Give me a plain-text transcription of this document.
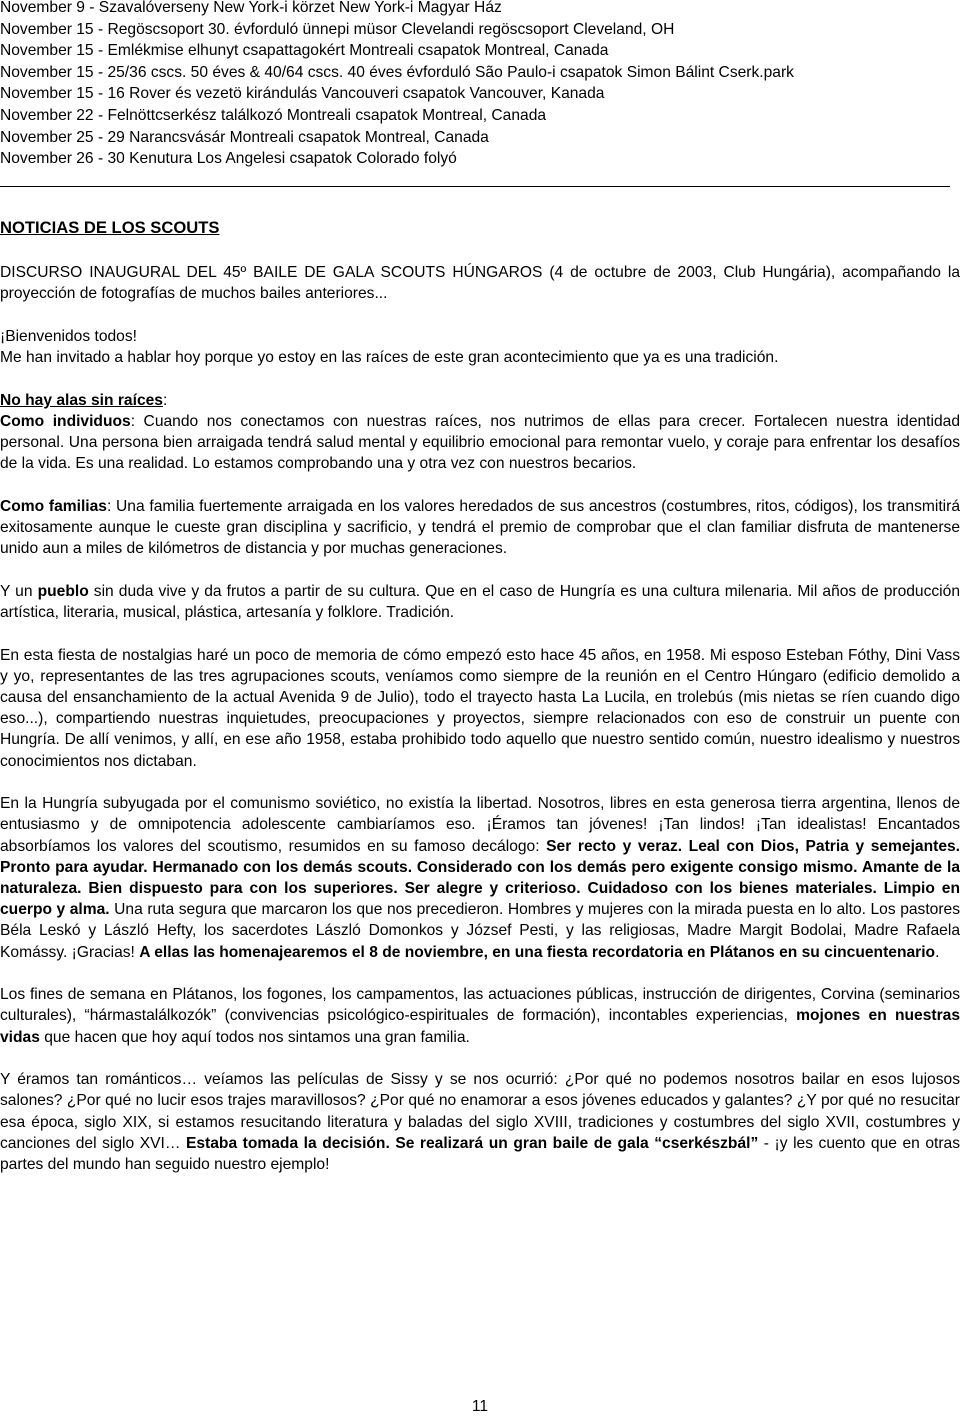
November 9 - Szavalóverseny New York-i körzet New York-i Magyar Ház
November 15 - Regöscsoport 30. évforduló ünnepi müsor Clevelandi regöscsoport Cleveland, OH
November 15 - Emlékmise elhunyt csapattagokért Montreali csapatok Montreal, Canada
November 15 - 25/36 cscs. 50 éves & 40/64 cscs. 40 éves évforduló São Paulo-i csapatok Simon Bálint Cserk.park
November 15 - 16 Rover és vezetö kirándulás Vancouveri csapatok Vancouver, Kanada
November 22 - Felnöttcserkész találkozó Montreali csapatok Montreal, Canada
November 25 - 29 Narancsvásár Montreali csapatok Montreal, Canada
November 26 - 30 Kenutura Los Angelesi csapatok Colorado folyó
NOTICIAS DE LOS SCOUTS

DISCURSO INAUGURAL DEL 45º BAILE DE GALA SCOUTS HÚNGAROS (4 de octubre de 2003, Club Hungária), acompañando la proyección de fotografías de muchos bailes anteriores...

¡Bienvenidos todos!
Me han invitado a hablar hoy porque yo estoy en las raíces de este gran acontecimiento que ya es una tradición.

No hay alas sin raíces:
Como individuos: Cuando nos conectamos con nuestras raíces, nos nutrimos de ellas para crecer. Fortalecen nuestra identidad personal. Una persona bien arraigada tendrá salud mental y equilibrio emocional para remontar vuelo, y coraje para enfrentar los desafíos de la vida. Es una realidad. Lo estamos comprobando una y otra vez con nuestros becarios.

Como familias: Una familia fuertemente arraigada en los valores heredados de sus ancestros (costumbres, ritos, códigos), los transmitirá exitosamente aunque le cueste gran disciplina y sacrificio, y tendrá el premio de comprobar que el clan familiar disfruta de mantenerse unido aun a miles de kilómetros de distancia y por muchas generaciones.

Y un pueblo sin duda vive y da frutos a partir de su cultura. Que en el caso de Hungría es una cultura milenaria. Mil años de producción artística, literaria, musical, plástica, artesanía y folklore. Tradición.

En esta fiesta de nostalgias haré un poco de memoria de cómo empezó esto hace 45 años, en 1958. Mi esposo Esteban Fóthy, Dini Vass y yo, representantes de las tres agrupaciones scouts, veníamos como siempre de la reunión en el Centro Húngaro (edificio demolido a causa del ensanchamiento de la actual Avenida 9 de Julio), todo el trayecto hasta La Lucila, en trolebús (mis nietas se ríen cuando digo eso...), compartiendo nuestras inquietudes, preocupaciones y proyectos, siempre relacionados con eso de construir un puente con Hungría. De allí venimos, y allí, en ese año 1958, estaba prohibido todo aquello que nuestro sentido común, nuestro idealismo y nuestros conocimientos nos dictaban.

En la Hungría subyugada por el comunismo soviético, no existía la libertad. Nosotros, libres en esta generosa tierra argentina, llenos de entusiasmo y de omnipotencia adolescente cambiaríamos eso. ¡Éramos tan jóvenes! ¡Tan lindos! ¡Tan idealistas! Encantados absorbíamos los valores del scoutismo, resumidos en su famoso decálogo: Ser recto y veraz. Leal con Dios, Patria y semejantes. Pronto para ayudar. Hermanado con los demás scouts. Considerado con los demás pero exigente consigo mismo. Amante de la naturaleza. Bien dispuesto para con los superiores. Ser alegre y criterioso. Cuidadoso con los bienes materiales. Limpio en cuerpo y alma. Una ruta segura que marcaron los que nos precedieron. Hombres y mujeres con la mirada puesta en lo alto. Los pastores Béla Leskó y László Hefty, los sacerdotes László Domonkos y József Pesti, y las religiosas, Madre Margit Bodolai, Madre Rafaela Komássy. ¡Gracias! A ellas las homenajearemos el 8 de noviembre, en una fiesta recordatoria en Plátanos en su cincuentenario.

Los fines de semana en Plátanos, los fogones, los campamentos, las actuaciones públicas, instrucción de dirigentes, Corvina (seminarios culturales), “hármastalálkozók” (convivencias psicológico-espirituales de formación), incontables experiencias, mojones en nuestras vidas que hacen que hoy aquí todos nos sintamos una gran familia.

Y éramos tan románticos… veíamos las películas de Sissy y se nos ocurrió: ¿Por qué no podemos nosotros bailar en esos lujosos salones? ¿Por qué no lucir esos trajes maravillosos? ¿Por qué no enamorar a esos jóvenes educados y galantes? ¿Y por qué no resucitar esa época, siglo XIX, si estamos resucitando literatura y baladas del siglo XVIII, tradiciones y costumbres del siglo XVII, costumbres y canciones del siglo XVI… Estaba tomada la decisión. Se realizará un gran baile de gala “cserkészbál” - ¡y les cuento que en otras partes del mundo han seguido nuestro ejemplo!

11
